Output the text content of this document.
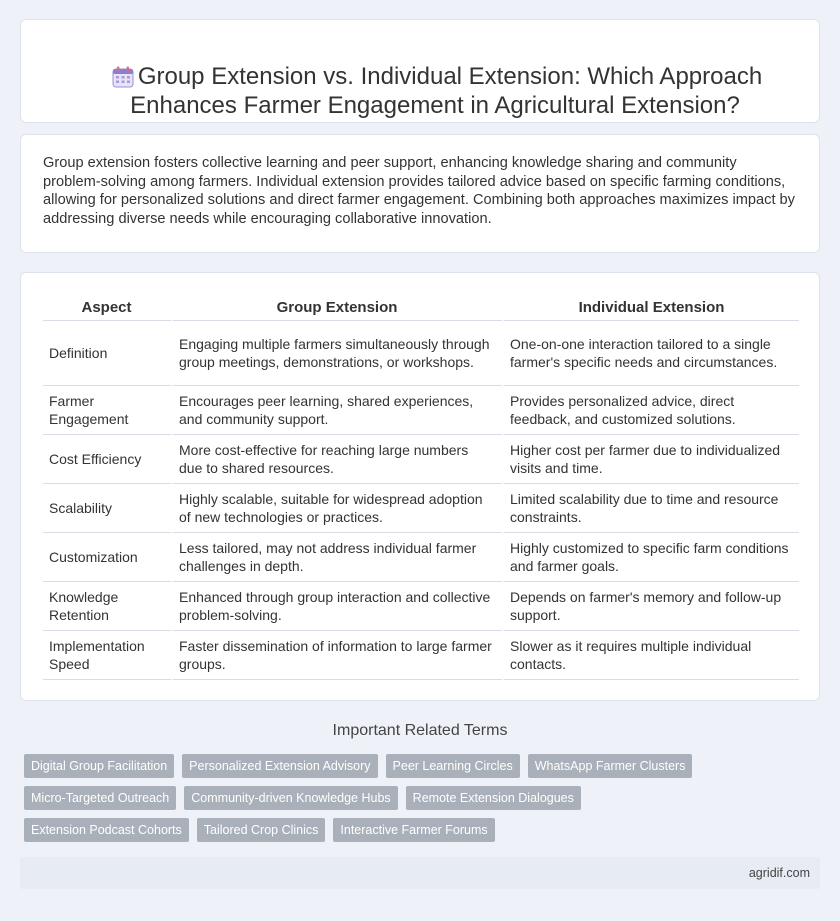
Group Extension vs. Individual Extension: Which Approach
Enhances Farmer Engagement in Agricultural Extension?

Group extension fosters collective learning and peer support, enhancing knowledge sharing and community problem-solving among farmers. Individual extension provides tailored advice based on specific farming conditions, allowing for personalized solutions and direct farmer engagement. Combining both approaches maximizes impact by addressing diverse needs while encouraging collaborative innovation.

Aspect	Group Extension	Individual Extension
Definition	Engaging multiple farmers simultaneously through group meetings, demonstrations, or workshops.	One-on-one interaction tailored to a single farmer's specific needs and circumstances.
Farmer Engagement	Encourages peer learning, shared experiences, and community support.	Provides personalized advice, direct feedback, and customized solutions.
Cost Efficiency	More cost-effective for reaching large numbers due to shared resources.	Higher cost per farmer due to individualized visits and time.
Scalability	Highly scalable, suitable for widespread adoption of new technologies or practices.	Limited scalability due to time and resource constraints.
Customization	Less tailored, may not address individual farmer challenges in depth.	Highly customized to specific farm conditions and farmer goals.
Knowledge Retention	Enhanced through group interaction and collective problem-solving.	Depends on farmer's memory and follow-up support.
Implementation Speed	Faster dissemination of information to large farmer groups.	Slower as it requires multiple individual contacts.
Important Related Terms
Digital Group Facilitation	Personalized Extension Advisory	Peer Learning Circles	WhatsApp Farmer Clusters
Micro-Targeted Outreach	Community-driven Knowledge Hubs	Remote Extension Dialogues
Extension Podcast Cohorts	Tailored Crop Clinics	Interactive Farmer Forums
agridif.com
